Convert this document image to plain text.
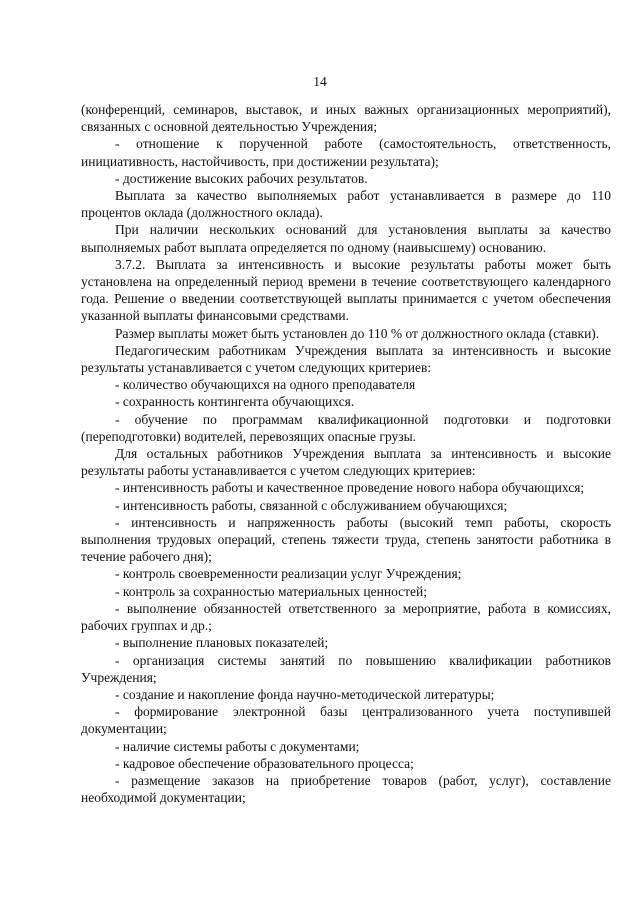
14

(конференций, семинаров, выставок, и иных важных организационных мероприятий), связанных с основной деятельностью Учреждения;

- отношение к порученной работе (самостоятельность, ответственность, инициативность, настойчивость, при достижении результата);

- достижение высоких рабочих результатов.

Выплата за качество выполняемых работ устанавливается в размере до 110 процентов оклада (должностного оклада).

При наличии нескольких оснований для установления выплаты за качество выполняемых работ выплата определяется по одному (наивысшему) основанию.

3.7.2. Выплата за интенсивность и высокие результаты работы может быть установлена на определенный период времени в течение соответствующего календарного года. Решение о введении соответствующей выплаты принимается с учетом обеспечения указанной выплаты финансовыми средствами.

Размер выплаты может быть установлен до 110 % от должностного оклада (ставки).

Педагогическим работникам Учреждения выплата за интенсивность и высокие результаты устанавливается с учетом следующих критериев:

- количество обучающихся на одного преподавателя

- сохранность контингента обучающихся.

- обучение по программам квалификационной подготовки и подготовки (переподготовки) водителей, перевозящих опасные грузы.

Для остальных работников Учреждения выплата за интенсивность и высокие результаты работы устанавливается с учетом следующих критериев:

- интенсивность работы и качественное проведение нового набора обучающихся;

- интенсивность работы, связанной с обслуживанием обучающихся;

- интенсивность и напряженность работы (высокий темп работы, скорость выполнения трудовых операций, степень тяжести труда, степень занятости работника в течение рабочего дня);

- контроль своевременности реализации услуг Учреждения;

- контроль за сохранностью материальных ценностей;

- выполнение обязанностей ответственного за мероприятие, работа в комиссиях, рабочих группах и др.;

- выполнение плановых показателей;

- организация системы занятий по повышению квалификации работников Учреждения;

- создание и накопление фонда научно-методической литературы;

- формирование электронной базы централизованного учета поступившей документации;

- наличие системы работы с документами;

- кадровое обеспечение образовательного процесса;

- размещение заказов на приобретение товаров (работ, услуг), составление необходимой документации;
